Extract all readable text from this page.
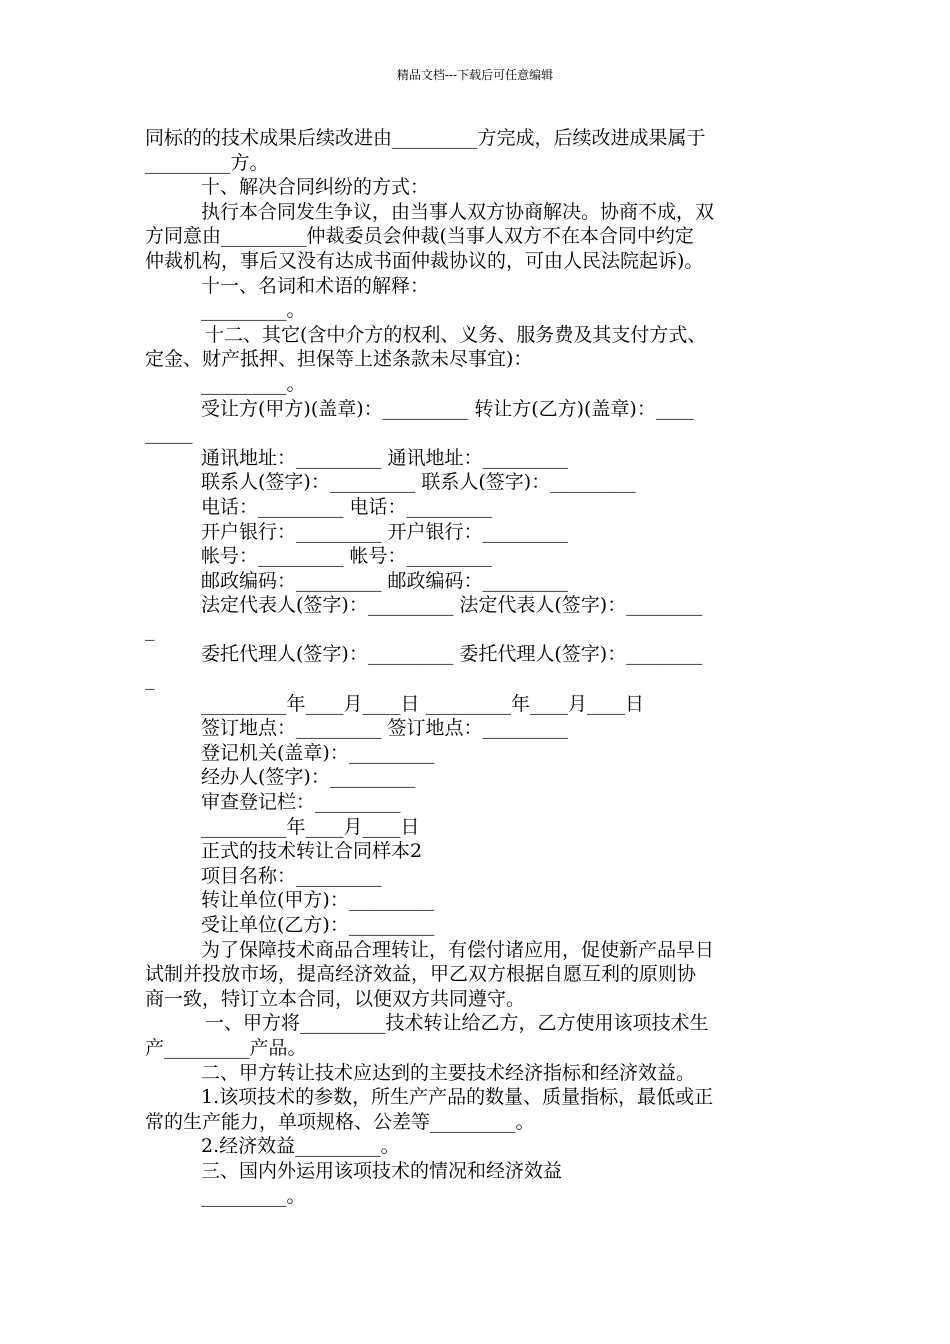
精品文档---下载后可任意编辑
同标的的技术成果后续改进由_________方完成，后续改进成果属于
_________方。
十、解决合同纠纷的方式：
执行本合同发生争议，由当事人双方协商解决。协商不成，双
方同意由_________仲裁委员会仲裁(当事人双方不在本合同中约定
仲裁机构，事后又没有达成书面仲裁协议的，可由人民法院起诉)。
十一、名词和术语的解释：
_________。
十二、其它(含中介方的权利、义务、服务费及其支付方式、
定金、财产抵押、担保等上述条款未尽事宜)：
_________。
受让方(甲方)(盖章)：_________ 转让方(乙方)(盖章)：____
_____
通讯地址：_________ 通讯地址：_________
联系人(签字)：_________ 联系人(签字)：_________
电话：_________ 电话：_________
开户银行：_________ 开户银行：_________
帐号：_________ 帐号：_________
邮政编码：_________ 邮政编码：_________
法定代表人(签字)：_________ 法定代表人(签字)：________
_
委托代理人(签字)：_________ 委托代理人(签字)：________
_
_________年____月____日 _________年____月____日
签订地点：_________ 签订地点：_________
登记机关(盖章)：_________
经办人(签字)：_________
审查登记栏：_________
_________年____月____日
正式的技术转让合同样本2
项目名称：_________
转让单位(甲方)：_________
受让单位(乙方)：_________
为了保障技术商品合理转让，有偿付诸应用，促使新产品早日
试制并投放市场，提高经济效益，甲乙双方根据自愿互利的原则协
商一致，特订立本合同，以便双方共同遵守。
一、甲方将_________技术转让给乙方，乙方使用该项技术生
产_________产品。
二、甲方转让技术应达到的主要技术经济指标和经济效益。
1.该项技术的参数，所生产产品的数量、质量指标，最低或正
常的生产能力，单项规格、公差等_________。
2.经济效益_________。
三、国内外运用该项技术的情况和经济效益
_________。
